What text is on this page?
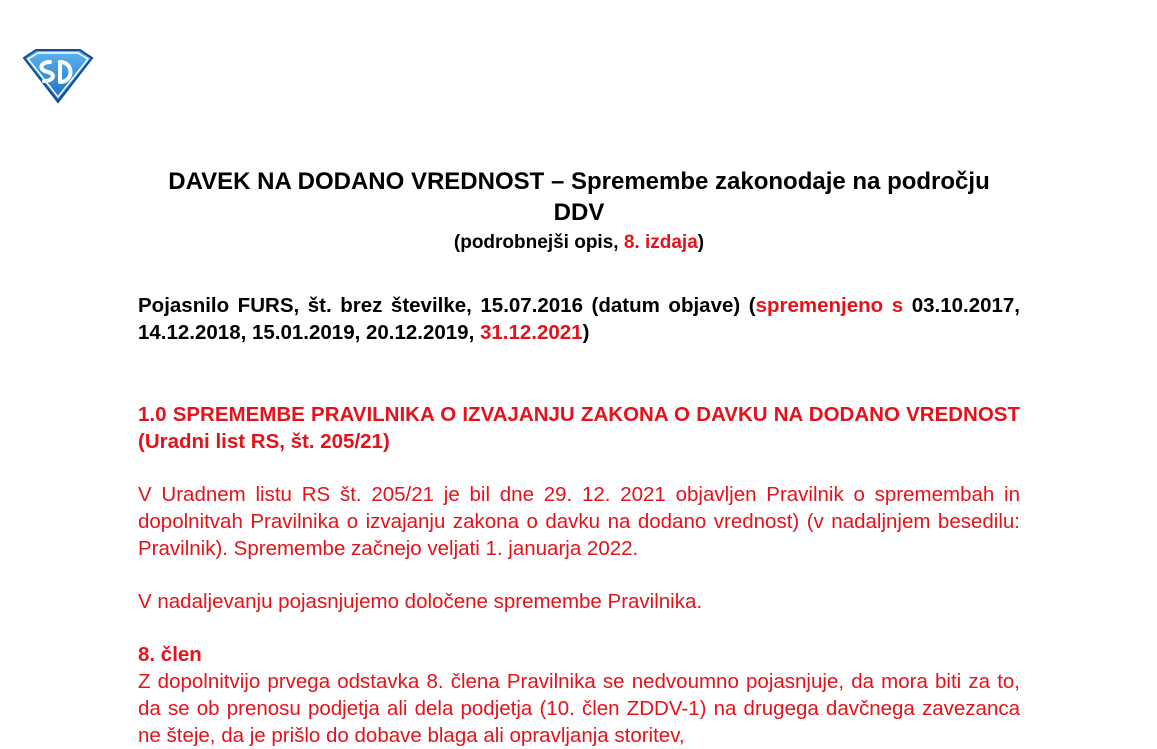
DAVEK NA DODANO VREDNOST – Spremembe zakonodaje na področju DDV

(podrobnejši opis, 8. izdaja)

Pojasnilo FURS, št. brez številke, 15.07.2016 (datum objave) (spremenjeno s 03.10.2017, 14.12.2018, 15.01.2019, 20.12.2019, 31.12.2021)

1.0 SPREMEMBE PRAVILNIKA O IZVAJANJU ZAKONA O DAVKU NA DODANO VREDNOST (Uradni list RS, št. 205/21)

V Uradnem listu RS št. 205/21 je bil dne 29. 12. 2021 objavljen Pravilnik o spremembah in dopolnitvah Pravilnika o izvajanju zakona o davku na dodano vrednost) (v nadaljnjem besedilu: Pravilnik). Spremembe začnejo veljati 1. januarja 2022.

V nadaljevanju pojasnjujemo določene spremembe Pravilnika.

8. člen

Z dopolnitvijo prvega odstavka 8. člena Pravilnika se nedvoumno pojasnjuje, da mora biti za to, da se ob prenosu podjetja ali dela podjetja (10. člen ZDDV-1) na drugega davčnega zavezanca ne šteje, da je prišlo do dobave blaga ali opravljanja storitev,
